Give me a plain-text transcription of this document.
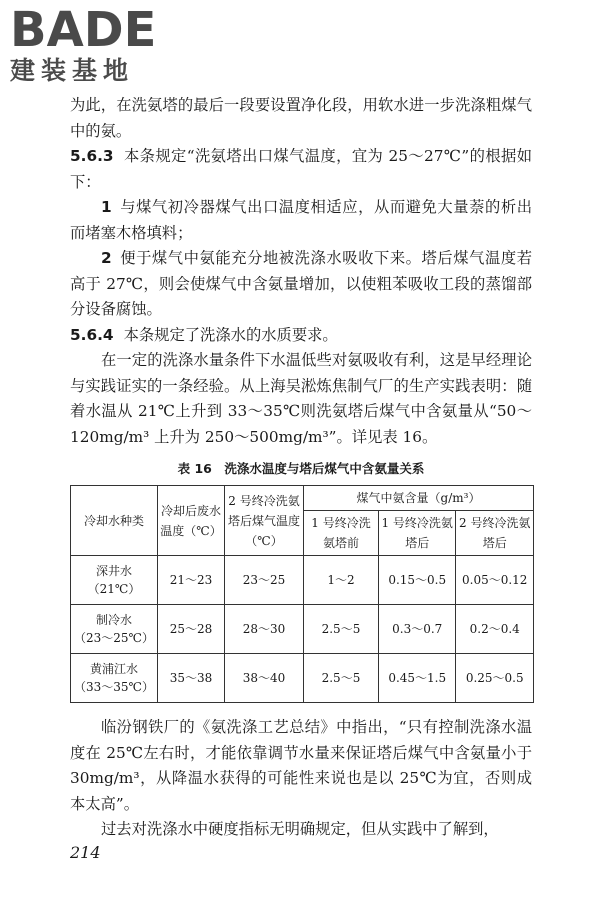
BADE
建装基地

为此，在洗氨塔的最后一段要设置净化段，用软水进一步洗涤粗煤气中的氨。

5.6.3 本条规定“洗氨塔出口煤气温度，宜为 25～27℃”的根据如下：

1 与煤气初冷器煤气出口温度相适应，从而避免大量萘的析出而堵塞木格填料；

2 便于煤气中氨能充分地被洗涤水吸收下来。塔后煤气温度若高于 27℃，则会使煤气中含氨量增加，以使粗苯吸收工段的蒸馏部分设备腐蚀。

5.6.4 本条规定了洗涤水的水质要求。

在一定的洗涤水量条件下水温低些对氨吸收有利，这是早经理论与实践证实的一条经验。从上海吴淞炼焦制气厂的生产实践表明：随着水温从 21℃上升到 33～35℃则洗氨塔后煤气中含氨量从“50～120mg/m³ 上升为 250～500mg/m³”。详见表 16。

表 16　洗涤水温度与塔后煤气中含氨量关系
冷却水种类	冷却后废水温度（℃）	2 号终冷洗氨塔后煤气温度（℃）	煤气中氨含量（g/m³）		
			1 号终冷洗氨塔前	1 号终冷洗氨塔后	2 号终冷洗氨塔后

深井水
（21℃）	21～23	23～25	1～2	0.15～0.5	0.05～0.12

制冷水
（23～25℃）	25～28	28～30	2.5～5	0.3～0.7	0.2～0.4

黄浦江水
（33～35℃）	35～38	38～40	2.5～5	0.45～1.5	0.25～0.5

临汾钢铁厂的《氨洗涤工艺总结》中指出，“只有控制洗涤水温度在 25℃左右时，才能依靠调节水量来保证塔后煤气中含氨量小于 30mg/m³，从降温水获得的可能性来说也是以 25℃为宜，否则成本太高”。

过去对洗涤水中硬度指标无明确规定，但从实践中了解到，

214
